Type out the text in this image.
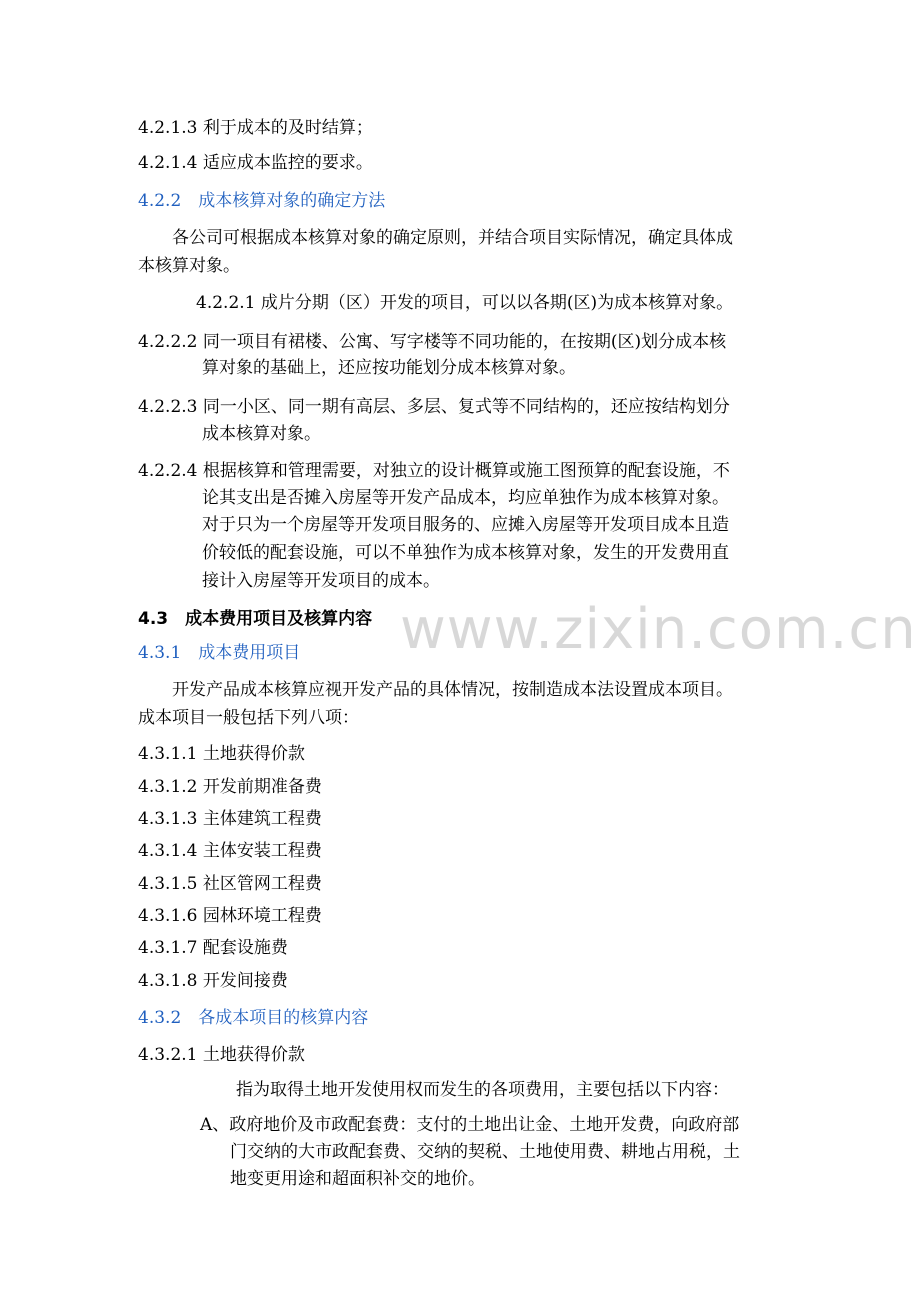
www.zixin.com.cn
4.2.1.3 利于成本的及时结算；
4.2.1.4 适应成本监控的要求。
4.2.2　成本核算对象的确定方法
各公司可根据成本核算对象的确定原则，并结合项目实际情况，确定具体成
本核算对象。
4.2.2.1 成片分期（区）开发的项目，可以以各期(区)为成本核算对象。
4.2.2.2 同一项目有裙楼、公寓、写字楼等不同功能的，在按期(区)划分成本核
算对象的基础上，还应按功能划分成本核算对象。
4.2.2.3 同一小区、同一期有高层、多层、复式等不同结构的，还应按结构划分
成本核算对象。
4.2.2.4 根据核算和管理需要，对独立的设计概算或施工图预算的配套设施，不
论其支出是否摊入房屋等开发产品成本，均应单独作为成本核算对象。
对于只为一个房屋等开发项目服务的、应摊入房屋等开发项目成本且造
价较低的配套设施，可以不单独作为成本核算对象，发生的开发费用直
接计入房屋等开发项目的成本。
4.3　成本费用项目及核算内容
4.3.1　成本费用项目
开发产品成本核算应视开发产品的具体情况，按制造成本法设置成本项目。
成本项目一般包括下列八项：
4.3.1.1 土地获得价款
4.3.1.2 开发前期准备费
4.3.1.3 主体建筑工程费
4.3.1.4 主体安装工程费
4.3.1.5 社区管网工程费
4.3.1.6 园林环境工程费
4.3.1.7 配套设施费
4.3.1.8 开发间接费
4.3.2　各成本项目的核算内容
4.3.2.1 土地获得价款
指为取得土地开发使用权而发生的各项费用，主要包括以下内容：
A、政府地价及市政配套费：支付的土地出让金、土地开发费，向政府部
门交纳的大市政配套费、交纳的契税、土地使用费、耕地占用税，土
地变更用途和超面积补交的地价。
